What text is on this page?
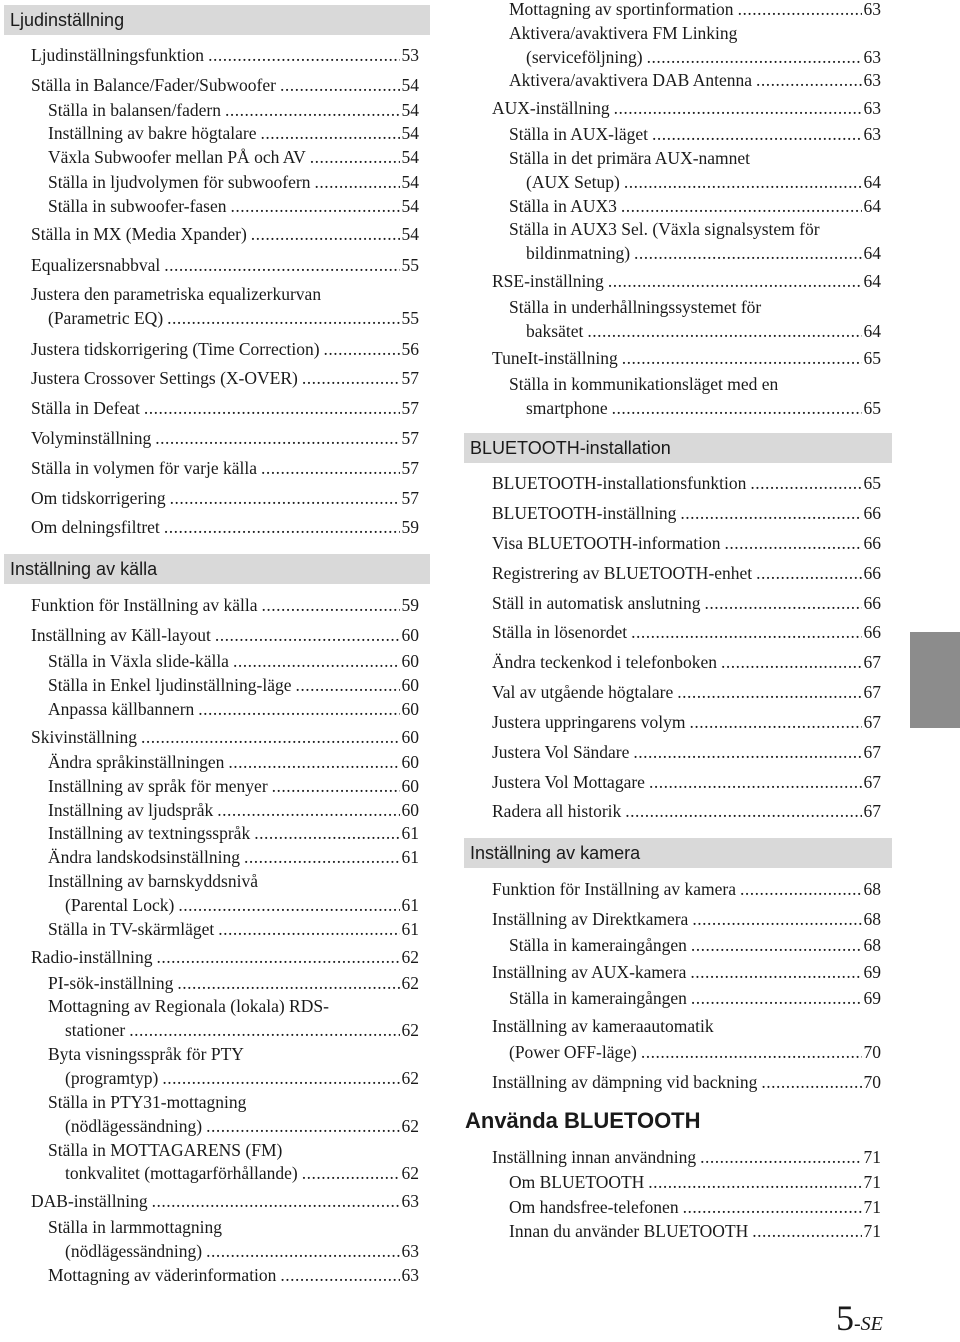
Ljudinställning
Ljudinställningsfunktion .....	53
Ställa in Balance/Fader/Subwoofer .....	54
Ställa in balansen/fadern .....	54
Inställning av bakre högtalare .....	54
Växla Subwoofer mellan PÅ och AV .....	54
Ställa in ljudvolymen för subwoofern .....	54
Ställa in subwoofer-fasen .....	54
Ställa in MX (Media Xpander) .....	54
Equalizersnabbval .....	55
Justera den parametriska equalizerkurvan
(Parametric EQ) .....	55
Justera tidskorrigering (Time Correction) .....	56
Justera Crossover Settings (X-OVER) .....	57
Ställa in Defeat .....	57
Volyminställning .....	57
Ställa in volymen för varje källa .....	57
Om tidskorrigering .....	57
Om delningsfiltret .....	59
Inställning av källa
Funktion för Inställning av källa .....	59
Inställning av Käll-layout .....	60
Ställa in Växla slide-källa .....	60
Ställa in Enkel ljudinställning-läge .....	60
Anpassa källbannern .....	60
Skivinställning .....	60
Ändra språkinställningen .....	60
Inställning av språk för menyer .....	60
Inställning av ljudspråk .....	60
Inställning av textningsspråk .....	61
Ändra landskodsinställning .....	61
Inställning av barnskyddsnivå
(Parental Lock) .....	61
Ställa in TV-skärmläget .....	61
Radio-inställning .....	62
PI-sök-inställning .....	62
Mottagning av Regionala (lokala) RDS-
stationer .....	62
Byta visningsspråk för PTY
(programtyp) .....	62
Ställa in PTY31-mottagning
(nödlägessändning) .....	62
Ställa in MOTTAGARENS (FM)
tonkvalitet (mottagarförhållande) .....	62
DAB-inställning .....	63
Ställa in larmmottagning
(nödlägessändning) .....	63
Mottagning av väderinformation .....	63
Mottagning av sportinformation .....	63
Aktivera/avaktivera FM Linking
(serviceföljning) .....	63
Aktivera/avaktivera DAB Antenna .....	63
AUX-inställning .....	63
Ställa in AUX-läget .....	63
Ställa in det primära AUX-namnet
(AUX Setup) .....	64
Ställa in AUX3 .....	64
Ställa in AUX3 Sel. (Växla signalsystem för
bildinmatning) .....	64
RSE-inställning .....	64
Ställa in underhållningssystemet för
baksätet .....	64
TuneIt-inställning .....	65
Ställa in kommunikationsläget med en
smartphone .....	65
BLUETOOTH-installation
BLUETOOTH-installationsfunktion .....	65
BLUETOOTH-inställning .....	66
Visa BLUETOOTH-information .....	66
Registrering av BLUETOOTH-enhet .....	66
Ställ in automatisk anslutning .....	66
Ställa in lösenordet .....	66
Ändra teckenkod i telefonboken .....	67
Val av utgående högtalare .....	67
Justera uppringarens volym .....	67
Justera Vol Sändare .....	67
Justera Vol Mottagare .....	67
Radera all historik .....	67
Inställning av kamera
Funktion för Inställning av kamera .....	68
Inställning av Direktkamera .....	68
Ställa in kameraingången .....	68
Inställning av AUX-kamera .....	69
Ställa in kameraingången .....	69
Inställning av kameraautomatik
(Power OFF-läge) .....	70
Inställning av dämpning vid backning .....	70
Använda BLUETOOTH
Inställning innan användning .....	71
Om BLUETOOTH .....	71
Om handsfree-telefonen .....	71
Innan du använder BLUETOOTH .....	71
5-SE
